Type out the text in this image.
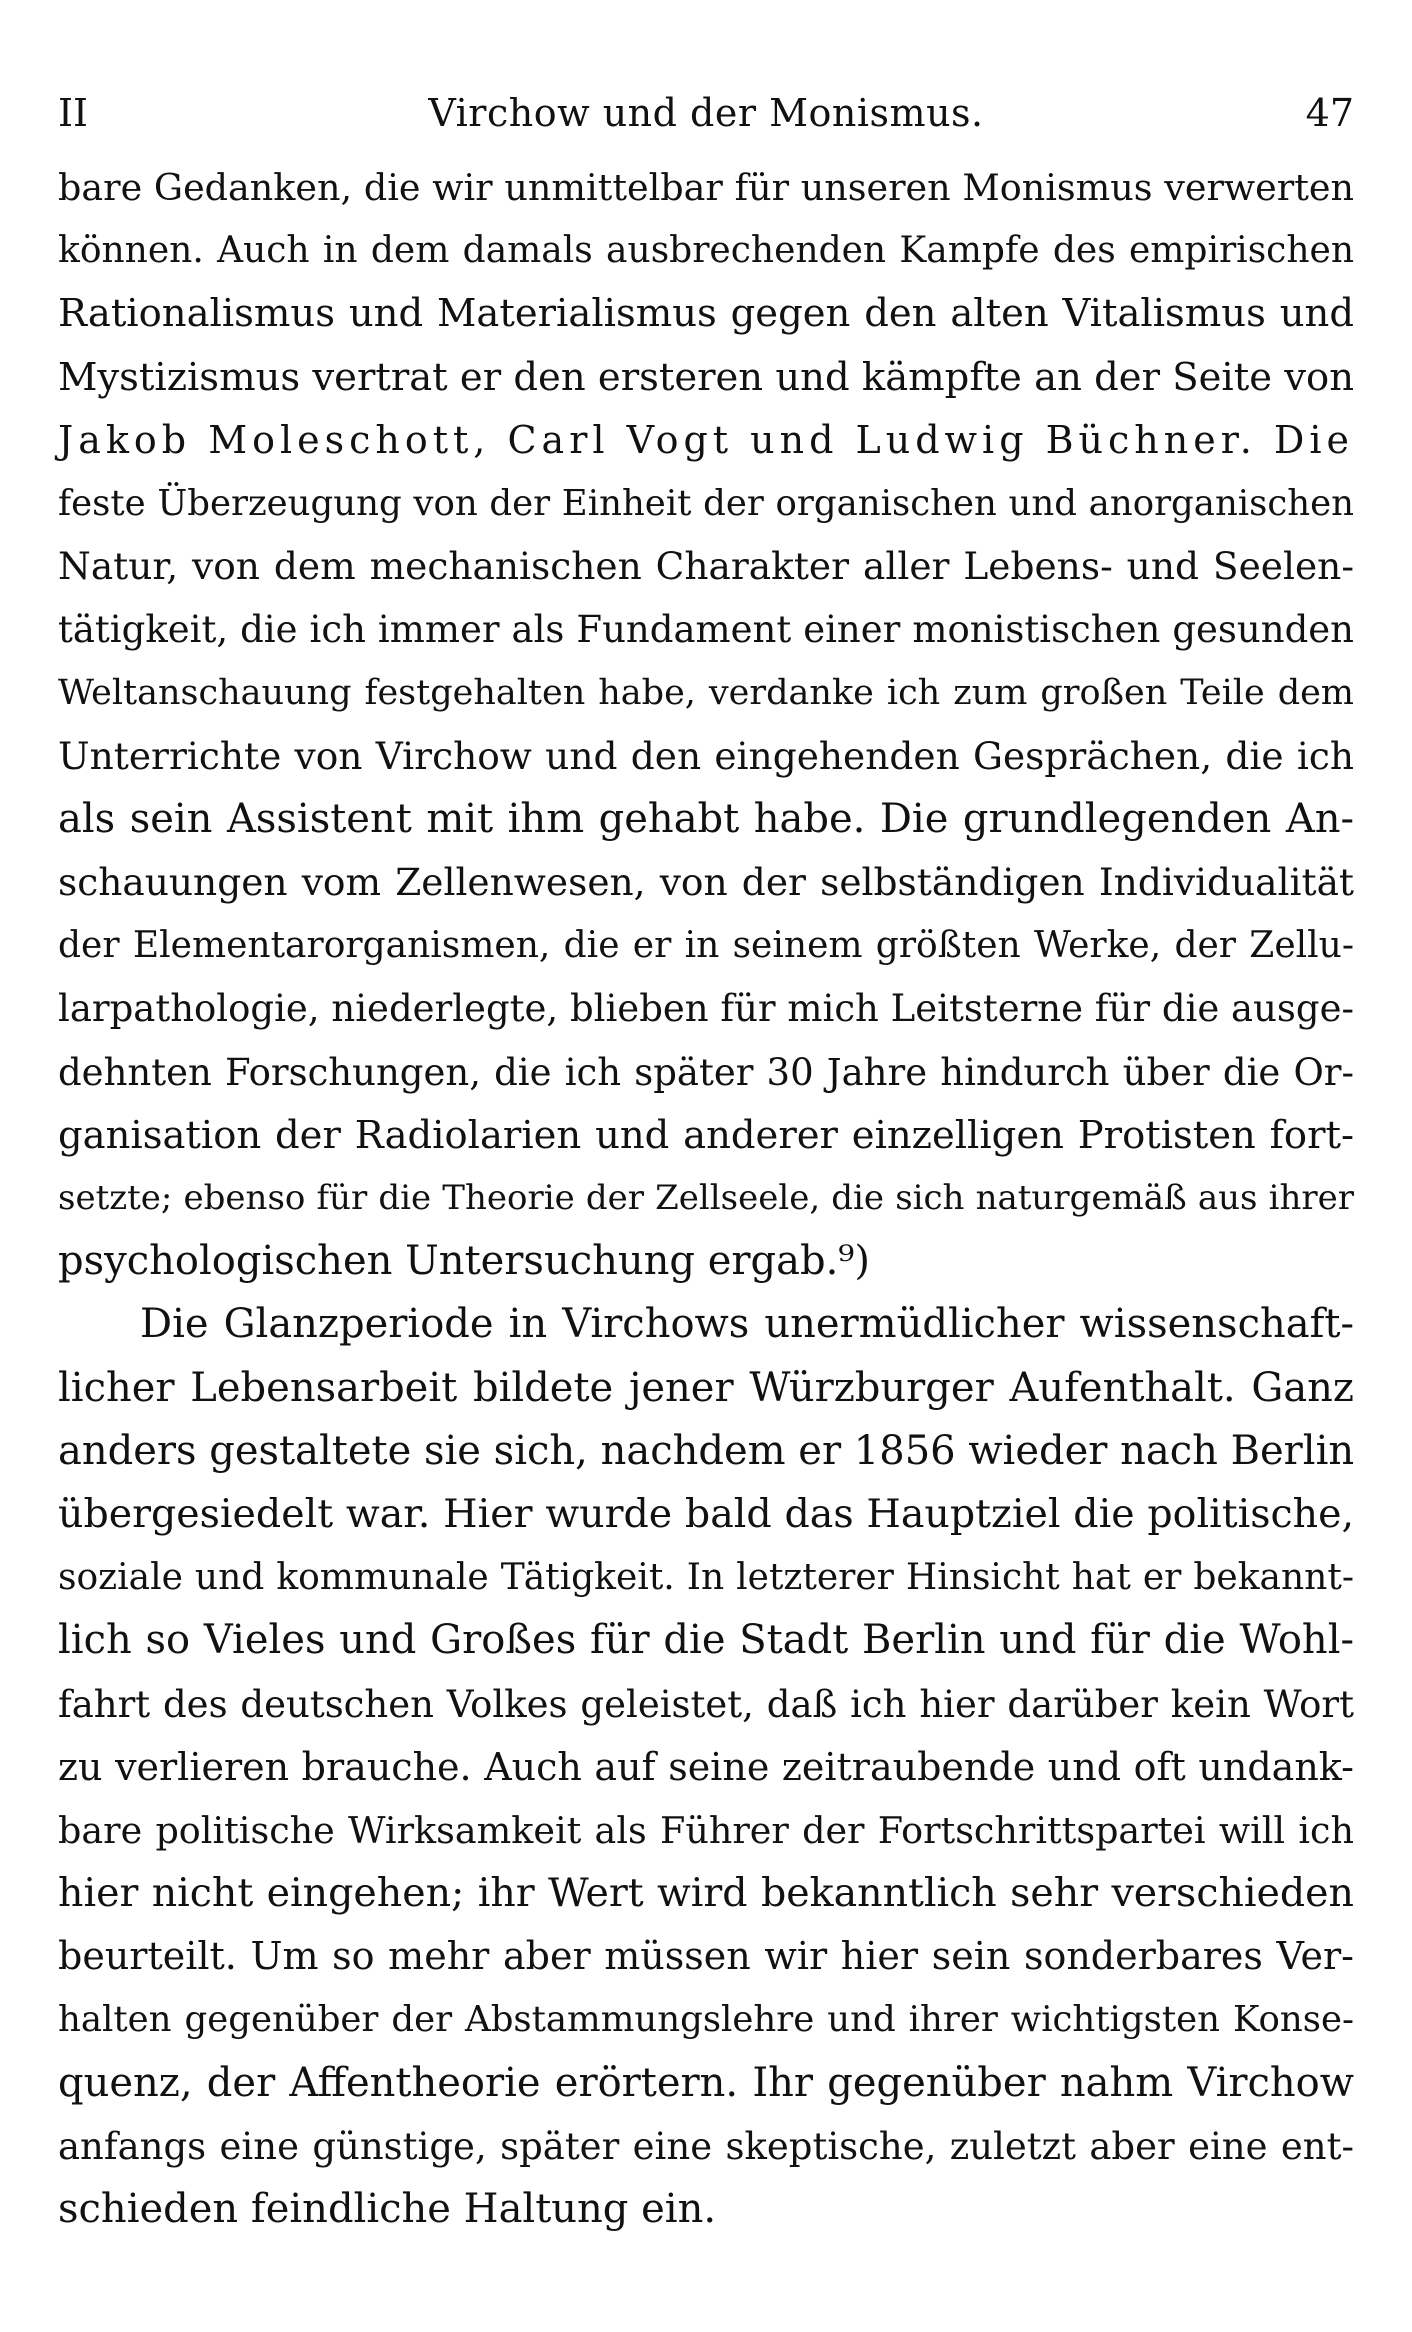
II	Virchow und der Monismus.	47
bare Gedanken, die wir unmittelbar für unseren Monismus verwerten
können. Auch in dem damals ausbrechenden Kampfe des empirischen
Rationalismus und Materialismus gegen den alten Vitalismus und
Mystizismus vertrat er den ersteren und kämpfte an der Seite von
Jakob Moleschott, Carl Vogt und Ludwig Büchner. Die
feste Überzeugung von der Einheit der organischen und anorganischen
Natur, von dem mechanischen Charakter aller Lebens- und Seelen-
tätigkeit, die ich immer als Fundament einer monistischen gesunden
Weltanschauung festgehalten habe, verdanke ich zum großen Teile dem
Unterrichte von Virchow und den eingehenden Gesprächen, die ich
als sein Assistent mit ihm gehabt habe. Die grundlegenden An-
schauungen vom Zellenwesen, von der selbständigen Individualität
der Elementarorganismen, die er in seinem größten Werke, der Zellu-
larpathologie, niederlegte, blieben für mich Leitsterne für die ausge-
dehnten Forschungen, die ich später 30 Jahre hindurch über die Or-
ganisation der Radiolarien und anderer einzelligen Protisten fort-
setzte; ebenso für die Theorie der Zellseele, die sich naturgemäß aus ihrer
psychologischen Untersuchung ergab.⁹)
Die Glanzperiode in Virchows unermüdlicher wissenschaft-
licher Lebensarbeit bildete jener Würzburger Aufenthalt. Ganz
anders gestaltete sie sich, nachdem er 1856 wieder nach Berlin
übergesiedelt war. Hier wurde bald das Hauptziel die politische,
soziale und kommunale Tätigkeit. In letzterer Hinsicht hat er bekannt-
lich so Vieles und Großes für die Stadt Berlin und für die Wohl-
fahrt des deutschen Volkes geleistet, daß ich hier darüber kein Wort
zu verlieren brauche. Auch auf seine zeitraubende und oft undank-
bare politische Wirksamkeit als Führer der Fortschrittspartei will ich
hier nicht eingehen; ihr Wert wird bekanntlich sehr verschieden
beurteilt. Um so mehr aber müssen wir hier sein sonderbares Ver-
halten gegenüber der Abstammungslehre und ihrer wichtigsten Konse-
quenz, der Affentheorie erörtern. Ihr gegenüber nahm Virchow
anfangs eine günstige, später eine skeptische, zuletzt aber eine ent-
schieden feindliche Haltung ein.
